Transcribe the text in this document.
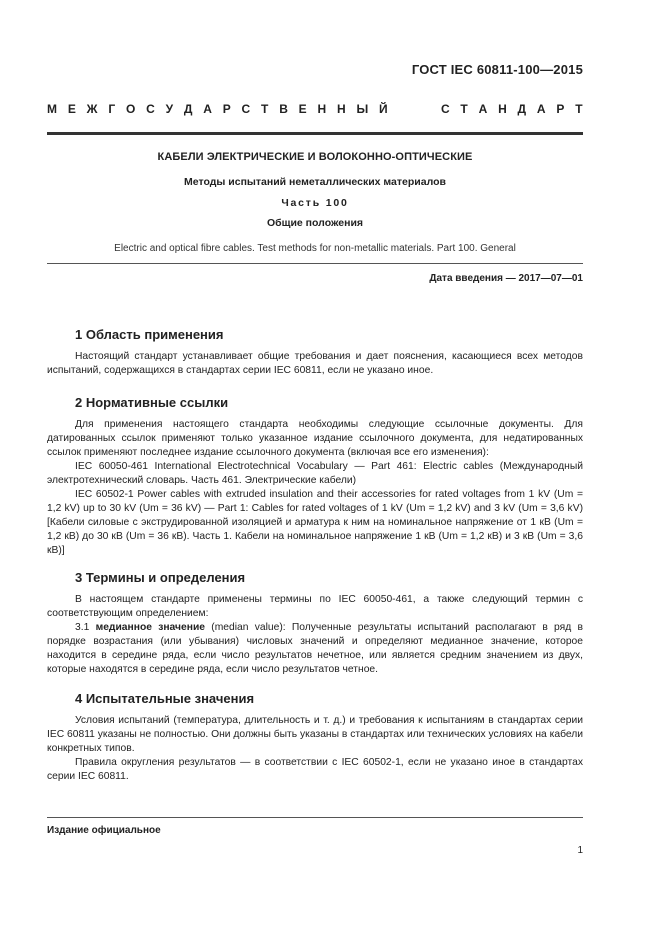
ГОСТ IEC 60811-100—2015
М Е Ж Г О С У Д А Р С Т В Е Н Н Ы Й

	С Т А Н Д А Р Т
КАБЕЛИ ЭЛЕКТРИЧЕСКИЕ И ВОЛОКОННО-ОПТИЧЕСКИЕ
Методы испытаний неметаллических материалов
Часть 100
Общие положения
Electric and optical fibre cables. Test methods for non-metallic materials. Part 100. General
Дата введения — 2017—07—01
1 Область применения

Настоящий стандарт устанавливает общие требования и дает пояснения, касающиеся всех методов испытаний, содержащихся в стандартах серии IEC 60811, если не указано иное.

2 Нормативные ссылки

Для применения настоящего стандарта необходимы следующие ссылочные документы. Для датированных ссылок применяют только указанное издание ссылочного документа, для недатированных ссылок применяют последнее издание ссылочного документа (включая все его изменения):

IEC 60050-461 International Electrotechnical Vocabulary — Part 461: Electric cables (Международный электротехнический словарь. Часть 461. Электрические кабели)

IEC 60502-1 Power cables with extruded insulation and their accessories for rated voltages from 1 kV (Um = 1,2 kV) up to 30 kV (Um = 36 kV) — Part 1: Cables for rated voltages of 1 kV (Um = 1,2 kV) and 3 kV (Um = 3,6 kV) [Кабели силовые с экструдированной изоляцией и арматура к ним на номинальное напряжение от 1 кВ (Um = 1,2 кВ) до 30 кВ (Um = 36 кВ). Часть 1. Кабели на номинальное напряжение 1 кВ (Um = 1,2 кВ) и 3 кВ (Um = 3,6 кВ)]

3 Термины и определения

В настоящем стандарте применены термины по IEC 60050-461, а также следующий термин с соответствующим определением:

3.1 медианное значение (median value): Полученные результаты испытаний располагают в ряд в порядке возрастания (или убывания) числовых значений и определяют медианное значение, которое находится в середине ряда, если число результатов нечетное, или является средним значением из двух, которые находятся в середине ряда, если число результатов четное.

4 Испытательные значения

Условия испытаний (температура, длительность и т. д.) и требования к испытаниям в стандартах серии IEC 60811 указаны не полностью. Они должны быть указаны в стандартах или технических условиях на кабели конкретных типов.

Правила округления результатов — в соответствии с IEC 60502-1, если не указано иное в стандартах серии IEC 60811.

Издание официальное
1
